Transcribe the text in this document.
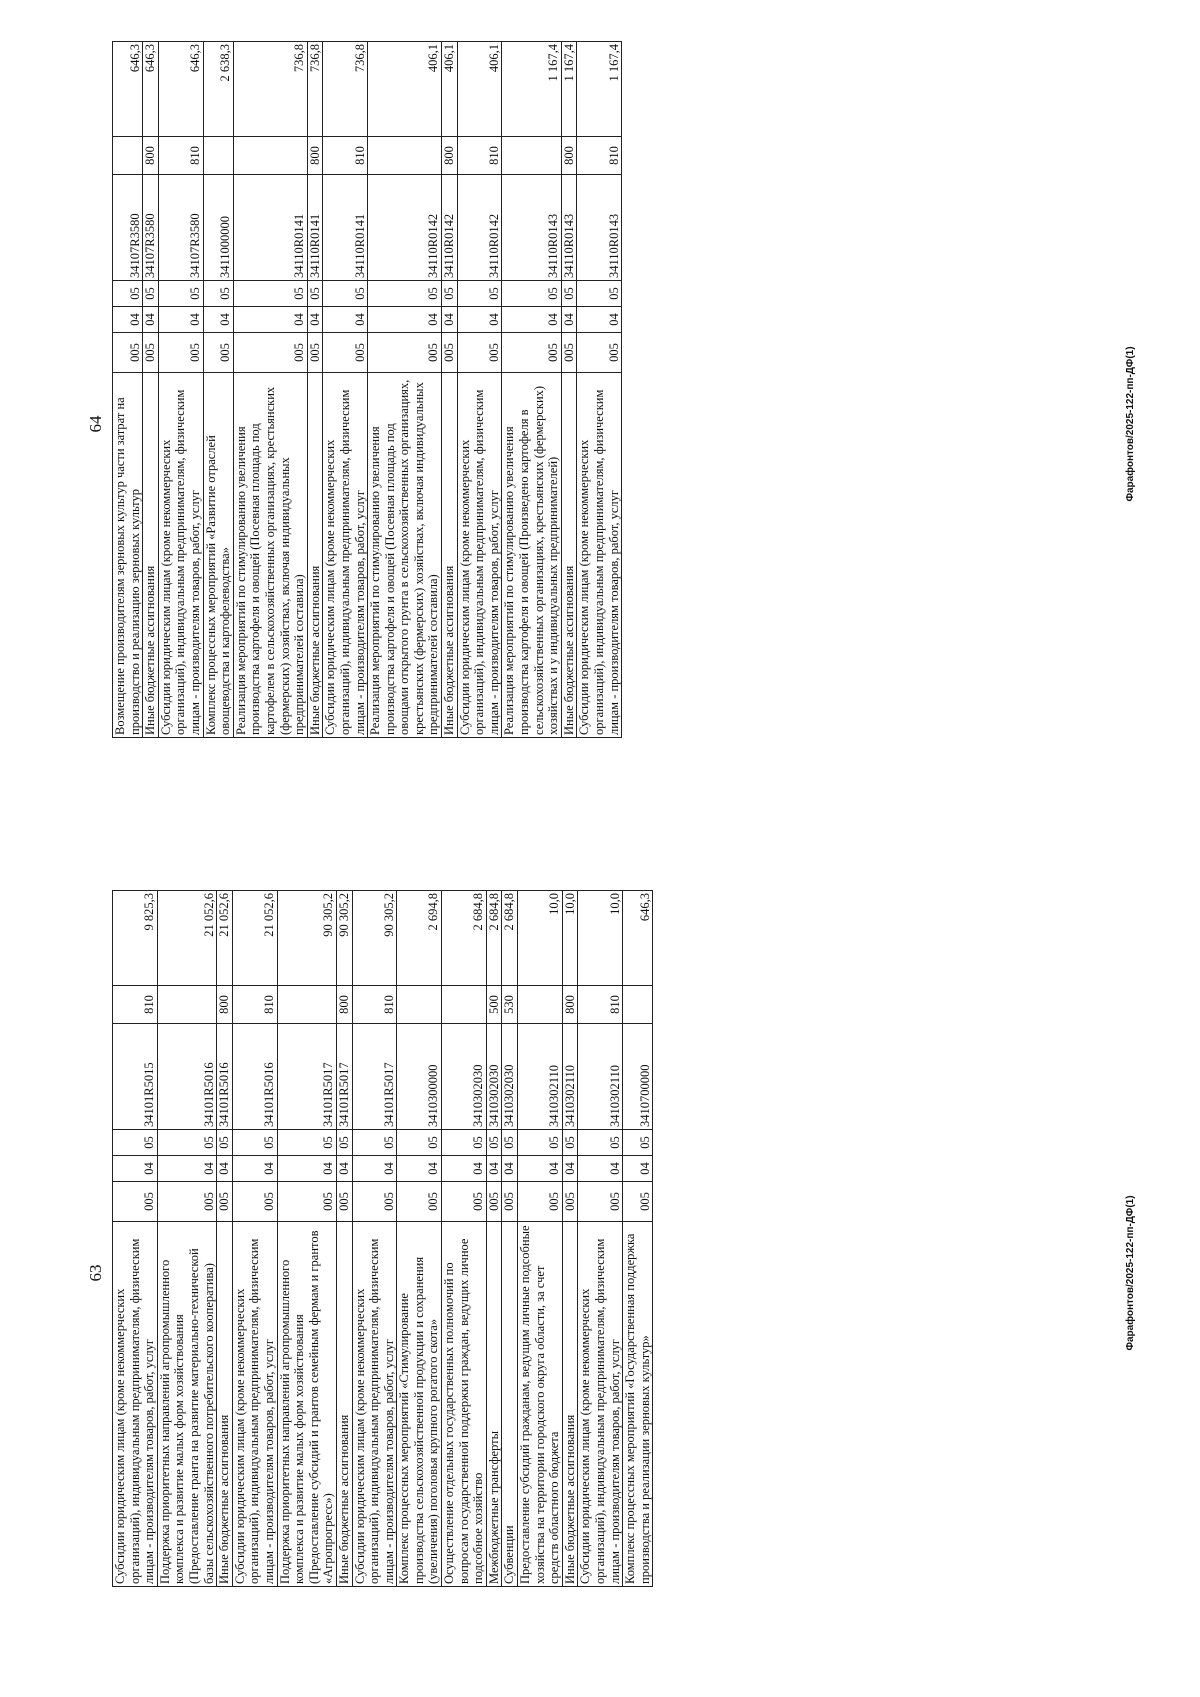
63
Субсидии юридическим лицам (кроме некоммерческих организаций), индивидуальным предпринимателям, физическим лицам - производителям товаров, работ, услуг	005	04	05	34101R5015	810	9 825,3
Поддержка приоритетных направлений агропромышленного комплекса и развитие малых форм хозяйствования (Предоставление гранта на развитие материально-технической базы сельскохозяйственного потребительского кооператива)	005	04	05	34101R5016		21 052,6
Иные бюджетные ассигнования	005	04	05	34101R5016	800	21 052,6
Субсидии юридическим лицам (кроме некоммерческих организаций), индивидуальным предпринимателям, физическим лицам - производителям товаров, работ, услуг	005	04	05	34101R5016	810	21 052,6
Поддержка приоритетных направлений агропромышленного комплекса и развитие малых форм хозяйствования (Предоставление субсидий и грантов семейным фермам и грантов «Агропрогресс»)	005	04	05	34101R5017		90 305,2
Иные бюджетные ассигнования	005	04	05	34101R5017	800	90 305,2
Субсидии юридическим лицам (кроме некоммерческих организаций), индивидуальным предпринимателям, физическим лицам - производителям товаров, работ, услуг	005	04	05	34101R5017	810	90 305,2
Комплекс процессных мероприятий «Стимулирование производства сельскохозяйственной продукции и сохранения (увеличения) поголовья крупного рогатого скота»	005	04	05	3410300000		2 694,8
Осуществление отдельных государственных полномочий по вопросам государственной поддержки граждан, ведущих личное подсобное хозяйство	005	04	05	3410302030		2 684,8
Межбюджетные трансферты	005	04	05	3410302030	500	2 684,8
Субвенции	005	04	05	3410302030	530	2 684,8
Предоставление субсидий гражданам, ведущим личные подсобные хозяйства на территории городского округа области, за счет средств областного бюджета	005	04	05	3410302110		10,0
Иные бюджетные ассигнования	005	04	05	3410302110	800	10,0
Субсидии юридическим лицам (кроме некоммерческих организаций), индивидуальным предпринимателям, физическим лицам - производителям товаров, работ, услуг	005	04	05	3410302110	810	10,0
Комплекс процессных мероприятий «Государственная поддержка производства и реализации зерновых культур»	005	04	05	3410700000		646,3
Фарафонтов/2025-122-пп-ДФ(1)
64 Возмещение производителям зерновых культур части затрат на производство и реализацию зерновых культур	005	04	05	34107R3580		646,3
Иные бюджетные ассигнования	005	04	05	34107R3580	800	646,3
Субсидии юридическим лицам (кроме некоммерческих организаций), индивидуальным предпринимателям, физическим лицам - производителям товаров, работ, услуг	005	04	05	34107R3580	810	646,3
Комплекс процессных мероприятий «Развитие отраслей овощеводства и картофелеводства»	005	04	05	3411000000		2 638,3
Реализация мероприятий по стимулированию увеличения производства картофеля и овощей (Посевная площадь под картофелем в сельскохозяйственных организациях, крестьянских (фермерских) хозяйствах, включая индивидуальных предпринимателей составила)	005	04	05	34110R0141		736,8
Иные бюджетные ассигнования	005	04	05	34110R0141	800	736,8
Субсидии юридическим лицам (кроме некоммерческих организаций), индивидуальным предпринимателям, физическим лицам - производителям товаров, работ, услуг	005	04	05	34110R0141	810	736,8
Реализация мероприятий по стимулированию увеличения производства картофеля и овощей (Посевная площадь под овощами открытого грунта в сельскохозяйственных организациях, крестьянских (фермерских) хозяйствах, включая индивидуальных предпринимателей составила)	005	04	05	34110R0142		406,1
Иные бюджетные ассигнования	005	04	05	34110R0142	800	406,1
Субсидии юридическим лицам (кроме некоммерческих организаций), индивидуальным предпринимателям, физическим лицам - производителям товаров, работ, услуг	005	04	05	34110R0142	810	406,1
Реализация мероприятий по стимулированию увеличения производства картофеля и овощей (Произведено картофеля в сельскохозяйственных организациях, крестьянских (фермерских) хозяйствах и у индивидуальных предпринимателей)	005	04	05	34110R0143		1 167,4
Иные бюджетные ассигнования	005	04	05	34110R0143	800	1 167,4
Субсидии юридическим лицам (кроме некоммерческих организаций), индивидуальным предпринимателям, физическим лицам - производителям товаров, работ, услуг	005	04	05	34110R0143	810	1 167,4
Фарафонтов/2025-122-пп-ДФ(1)
